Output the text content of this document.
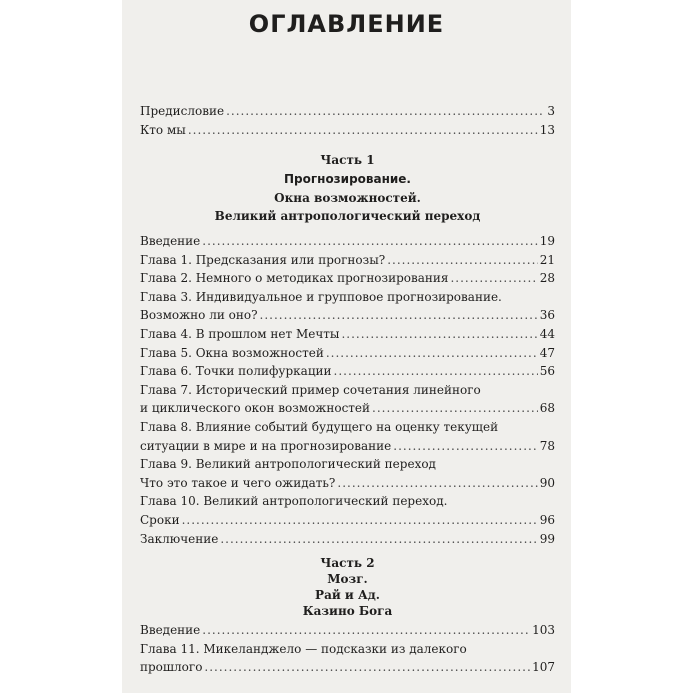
ОГЛАВЛЕНИЕ
Предисловие .....	3
Кто мы .....	13
Часть 1
Прогнозирование.
Окна возможностей.
Великий антропологический переход
Введение .....	19
Глава 1. Предсказания или прогнозы? .....	21
Глава 2. Немного о методиках прогнозирования .....	28
Глава 3. Индивидуальное и групповое прогнозирование.
Возможно ли оно? .....	36
Глава 4. В прошлом нет Мечты .....	44
Глава 5. Окна возможностей .....	47
Глава 6. Точки полифуркации .....	56
Глава 7. Исторический пример сочетания линейного
и циклического окон возможностей .....	68
Глава 8. Влияние событий будущего на оценку текущей
ситуации в мире и на прогнозирование .....	78
Глава 9. Великий антропологический переход
Что это такое и чего ожидать? .....	90
Глава 10. Великий антропологический переход.
Сроки .....	96
Заключение .....	99
Часть 2
Мозг.
Рай и Ад.
Казино Бога
Введение .....	103
Глава 11. Микеланджело — подсказки из далекого
прошлого .....	107
